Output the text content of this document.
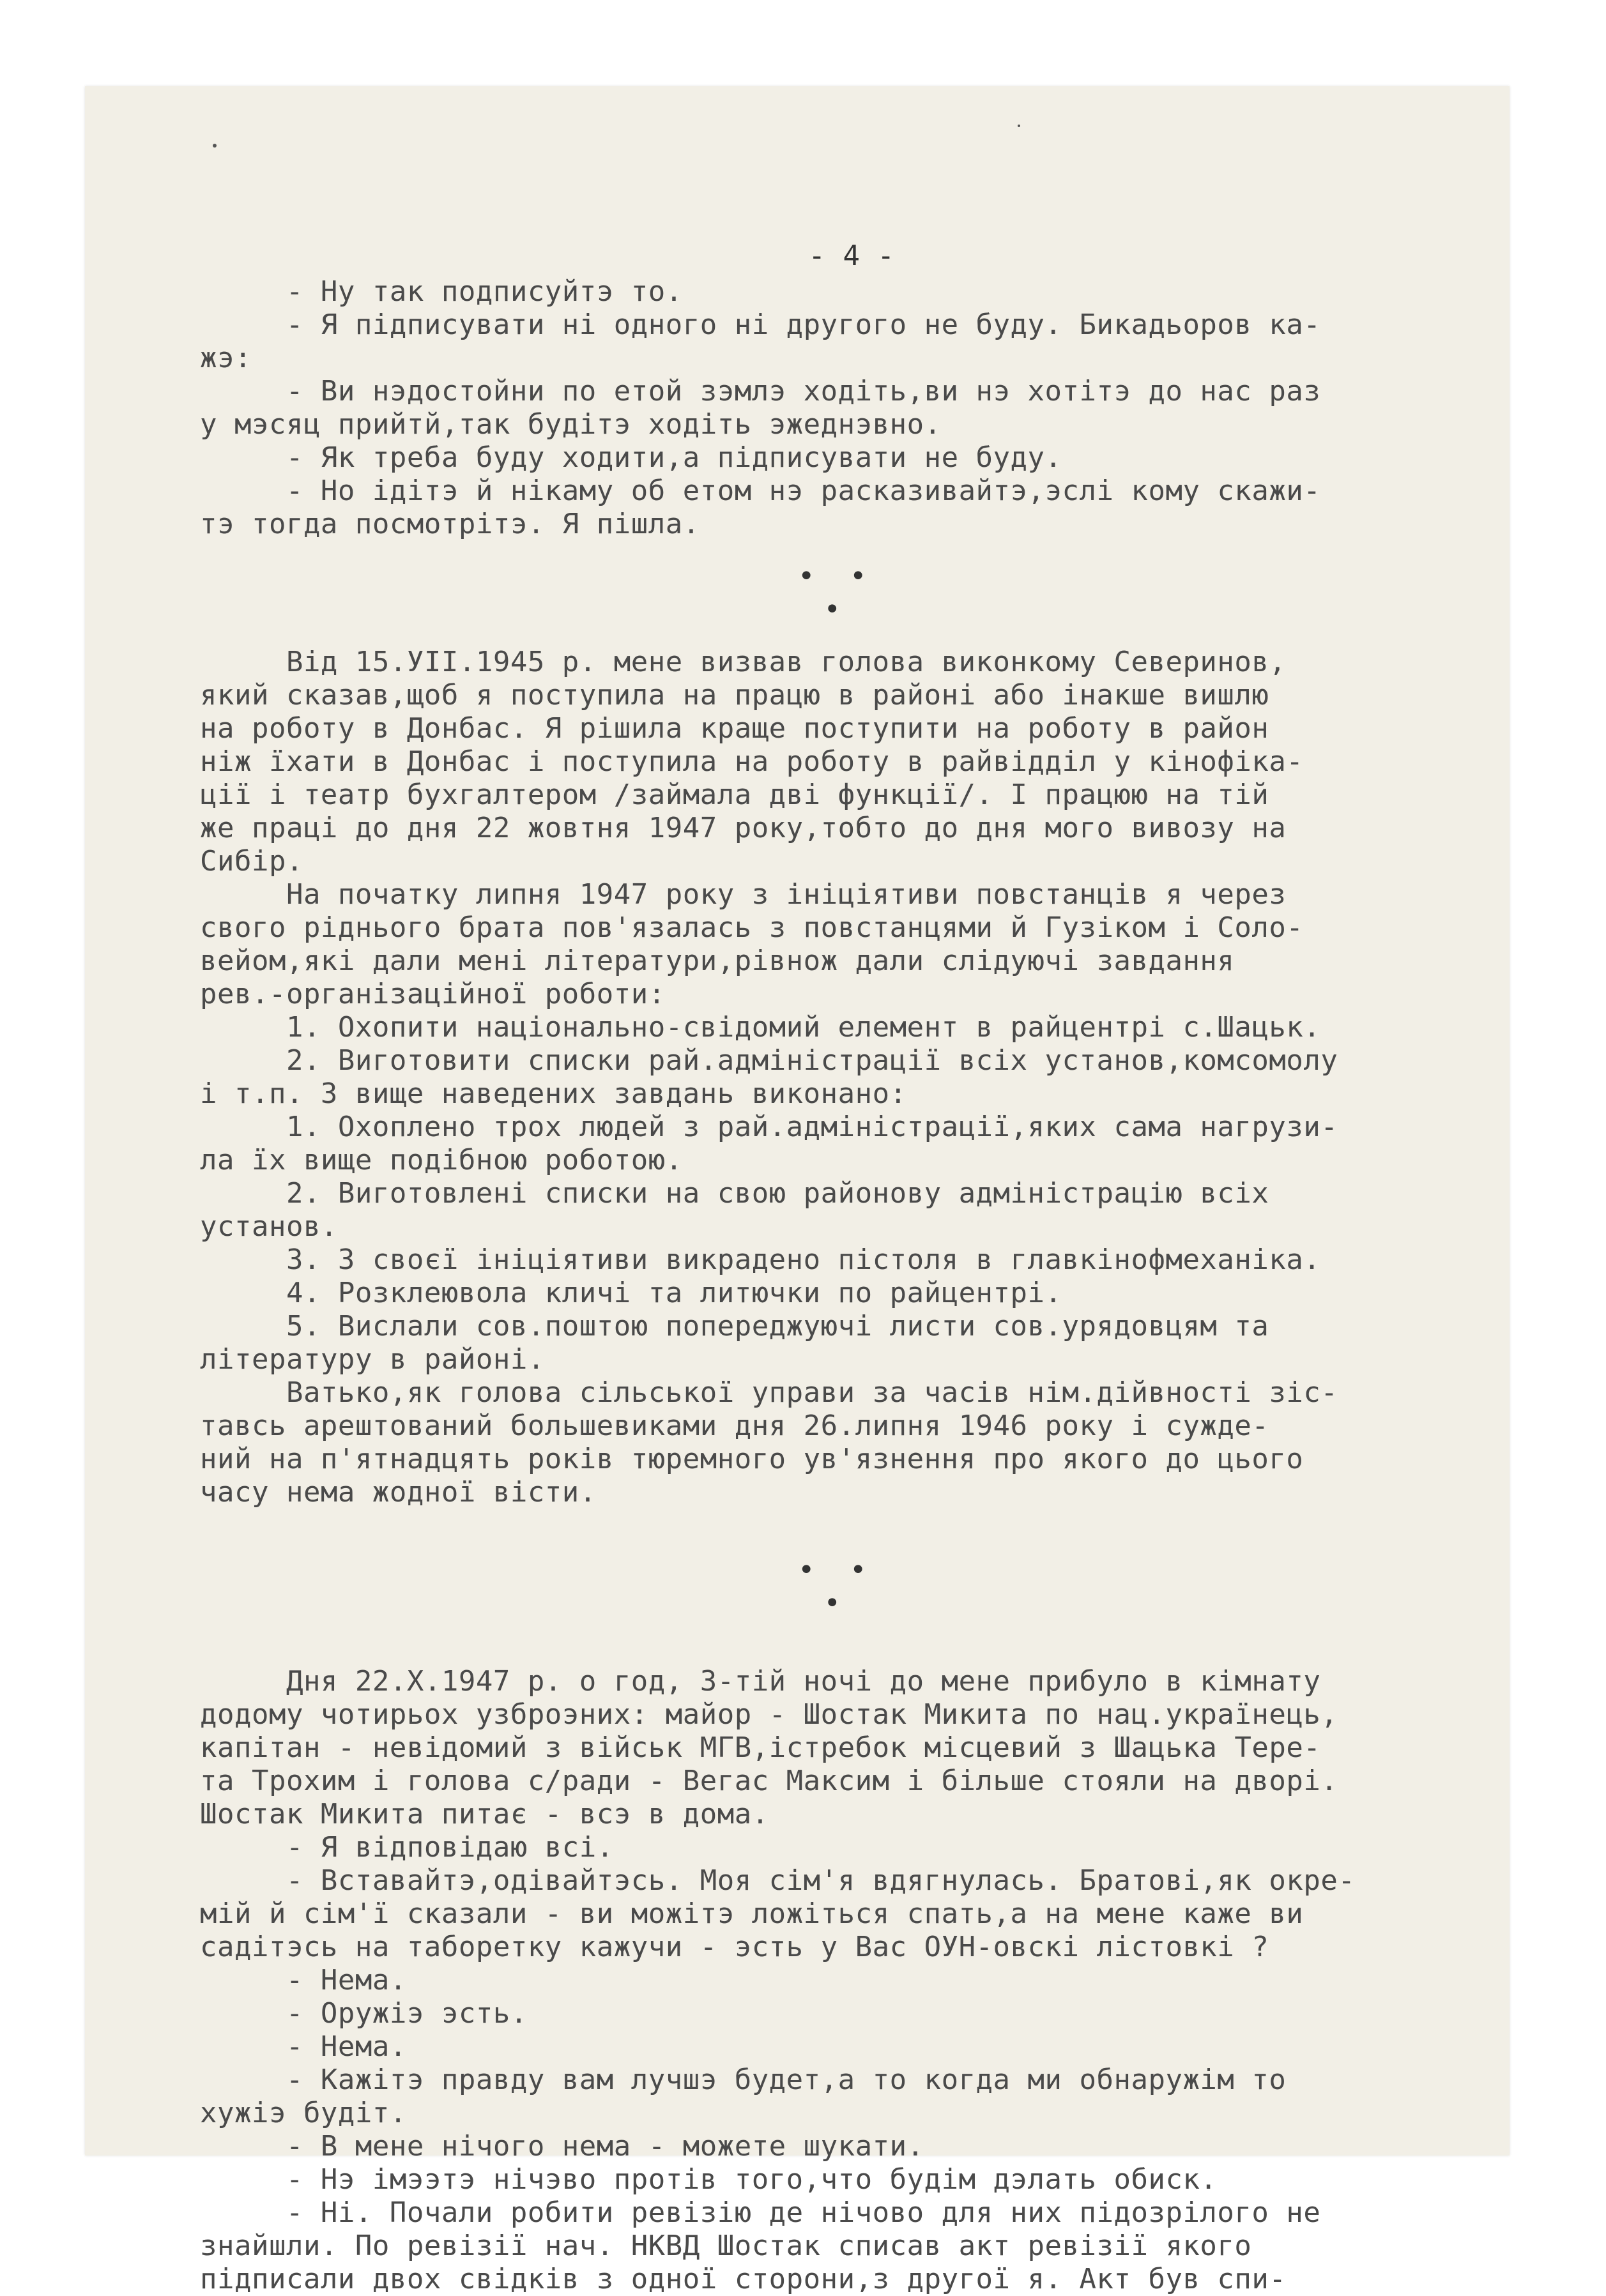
- 4 -
- Ну так подписуйтэ то.
- Я підписувати ні одного ні другого не буду. Бикадьоров ка-
жэ:
- Ви нэдостойни по етой зэмлэ ходіть,ви нэ хотітэ до нас раз
у мэсяц прийтй,так будітэ ходіть эжеднэвно.
- Як треба буду ходити,а підписувати не буду.
- Но ідітэ й нікаму об етом нэ расказивайтэ,эслі кому скажи-
тэ тогда посмотрітэ. Я пішла.
•  •
•
Від 15.УІІ.1945 р. мене визвав голова виконкому Северинов,
який сказав,щоб я поступила на працю в районі або інакше вишлю
на роботу в Донбас. Я рішила краще поступити на роботу в район
ніж їхати в Донбас і поступила на роботу в райвідділ у кінофіка-
ції і театр бухгалтером /займала дві функції/. І працюю на тій
же праці до дня 22 жовтня 1947 року,тобто до дня мого вивозу на
Сибір.
На початку липня 1947 року з ініціятиви повстанців я через
свого ріднього брата пов'язалась з повстанцями й Гузіком і Соло-
вейом,які дали мені літератури,рівнож дали слідуючі завдання
рев.-організаційної роботи:
1. Охопити національно-свідомий елемент в райцентрі с.Шацьк.
2. Виготовити списки рай.адміністрації всіх установ,комсомолу
і т.п. З вище наведених завдань виконано:
1. Охоплено трох людей з рай.адміністрації,яких сама нагрузи-
ла їх вище подібною роботою.
2. Виготовлені списки на свою районову адміністрацію всіх
установ.
3. З своєї ініціятиви викрадено пістоля в главкінофмеханіка.
4. Розклеювола кличі та литючки по райцентрі.
5. Вислали сов.поштою попереджуючі листи сов.урядовцям та
літературу в районі.
Ватько,як голова сільської управи за часів нім.дійвності зіс-
тавсь арештований большевиками дня 26.липня 1946 року і сужде-
ний на п'ятнадцять років тюремного ув'язнення про якого до цього
часу нема жодної вісти.
•  •
•
Дня 22.Х.1947 р. о год, 3-тій ночі до мене прибуло в кімнату
додому чотирьох узброэних: майор - Шостак Микита по нац.українець,
капітан - невідомий з військ МГВ,істребок місцевий з Шацька Тере-
та Трохим і голова с/ради - Вегас Максим і більше стояли на дворі.
Шостак Микита питає - всэ в дома.
- Я відповідаю всі.
- Вставайтэ,одівайтэсь. Моя сім'я вдягнулась. Братові,як окре-
мій й сім'ї сказали - ви можітэ ложіться спать,а на мене каже ви
садітэсь на таборетку кажучи - эсть у Вас ОУН-овскі лістовкі ?
- Нема.
- Оружіэ эсть.
- Нема.
- Кажітэ правду вам лучшэ будет,а то когда ми обнаружім то
хужіэ будіт.
- В мене нічого нема - можете шукати.
- Нэ імээтэ нічэво протів того,что будім дэлать обиск.
- Ні. Почали робити ревізію де нічово для них підозрілого не
знайшли. По ревізії нач. НКВД Шостак списав акт ревізії якого
підписали двох свідків з одної сторони,з другої я. Акт був спи-
